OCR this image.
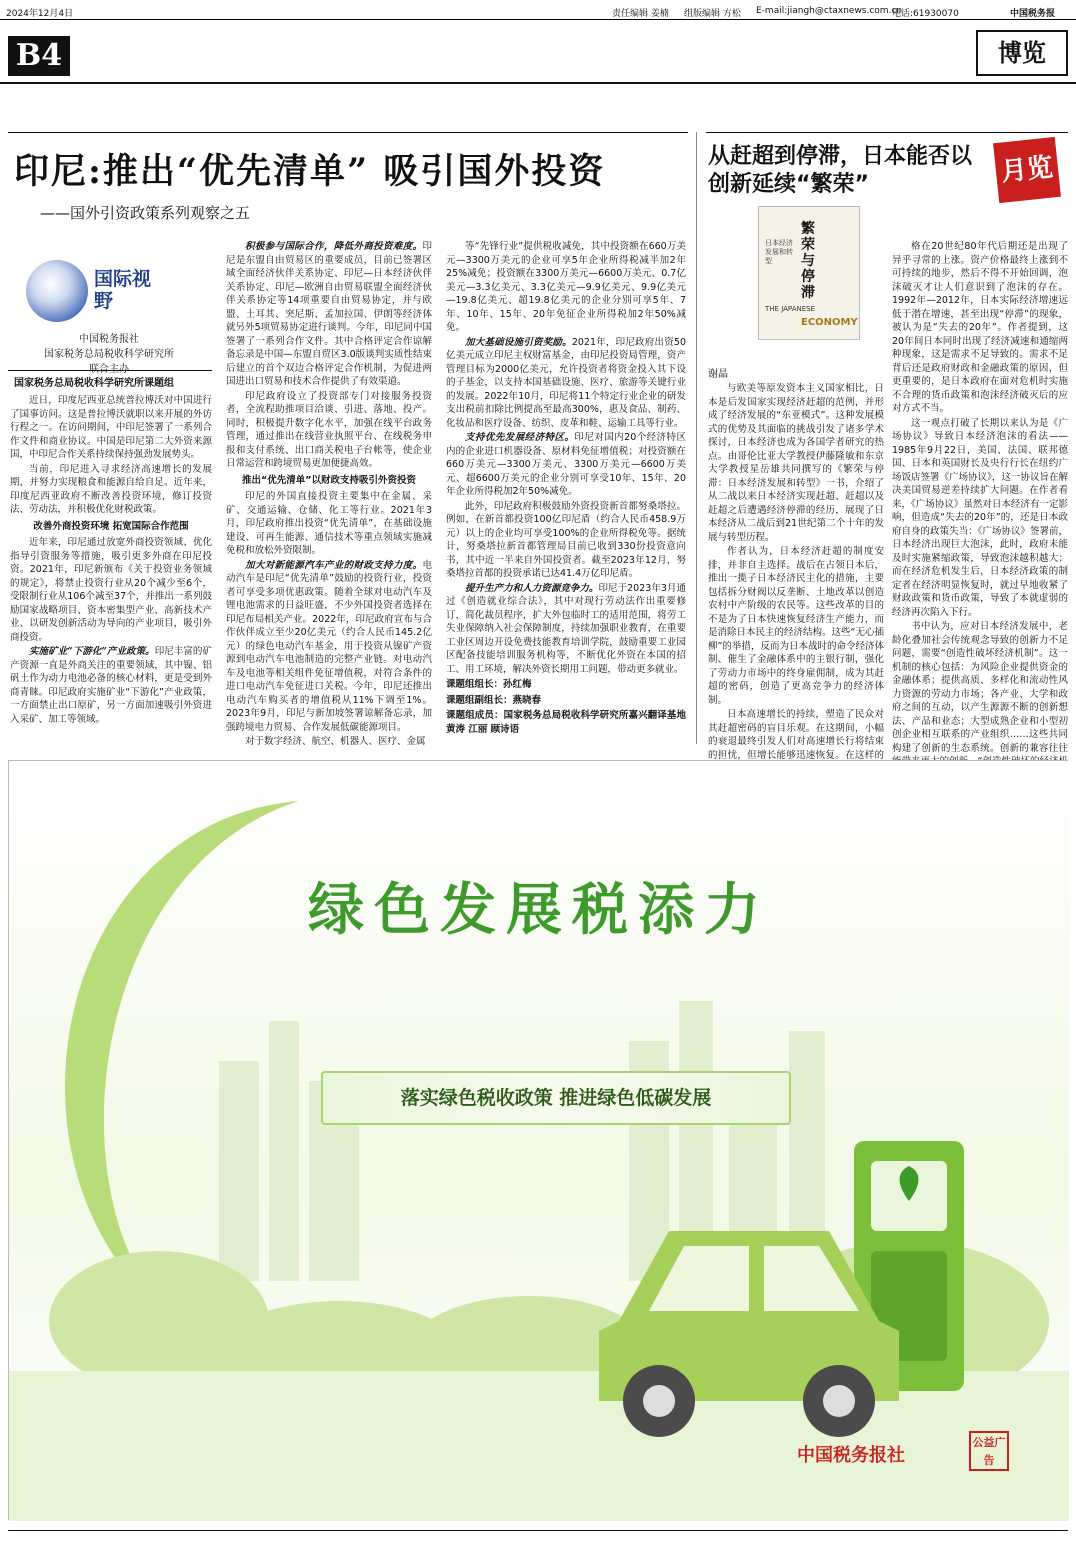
2024年12月4日	责任编辑 姜楠 组版编辑 方松 E-mail:jiangh@ctaxnews.com.cn
电话:61930070	中国税务报
B4	博览
印尼:推出“优先清单” 吸引国外投资
——国外引资政策系列观察之五
国际视野
中国税务报社
国家税务总局税收科学研究所
国家税务总局税收科学研究所课题组

近日，印度尼西亚总统普拉博沃对中国进行了国事访问。这是普拉博沃就职以来开展的外访行程之一。在访问期间，中印尼签署了一系列合作文件和商业协议。中国是印尼第二大外资来源国，中印尼合作关系持续保持强劲发展势头。

当前，印尼进入寻求经济高速增长的发展期，并努力实现粮食和能源自给自足。近年来，印度尼西亚政府不断改善投资环境，修订投资法、劳动法，并积极优化财税政策。

改善外商投资环境 拓宽国际合作范围

近年来，印尼通过放宽外商投资领域、优化指导引资服务等措施，吸引更多外商在印尼投资。2021年，印尼新颁布《关于投资业务领域的规定》，将禁止投资行业从20个减少至6个，受限制行业从106个减至37个，并推出一系列鼓励国家战略项目、资本密集型产业、高新技术产业、以研发创新活动为导向的产业项目，吸引外商投资。

实施矿业“下游化”产业政策。印尼丰富的矿产资源一直是外商关注的重要领域，其中镍、铝矾土作为动力电池必备的核心材料，更是受到外商青睐。印尼政府实施矿业“下游化”产业政策，一方面禁止出口原矿，另一方面加速吸引外资进入采矿、加工等领域。

积极参与国际合作，降低外商投资难度。印尼是东盟自由贸易区的重要成员，目前已签署区域全面经济伙伴关系协定、印尼—日本经济伙伴关系协定、印尼—欧洲自由贸易联盟全面经济伙伴关系协定等14项重要自由贸易协定，并与欧盟、土耳其、突尼斯、孟加拉国、伊朗等经济体就另外5项贸易协定进行谈判。今年，印尼同中国签署了一系列合作文件。其中合格评定合作谅解备忘录是中国—东盟自贸区3.0版谈判实质性结束后建立的首个双边合格评定合作机制，为促进两国进出口贸易和技术合作提供了有效渠道。

印尼政府设立了投资部专门对接服务投资者，全流程助推项目洽谈、引进、落地、投产。同时，积极提升数字化水平，加强在线平台政务管理，通过推出在线营业执照平台、在线税务申报和支付系统、出口商关税电子台帐等，使企业日常运营和跨境贸易更加便捷高效。

推出“优先清单”以财政支持吸引外资投资

印尼的外国直接投资主要集中在金属、采矿、交通运输、仓储、化工等行业。2021年3月，印尼政府推出投资“优先清单”，在基础设施建设、可再生能源、通信技术等重点领域实施减免税和放松外资限制。

加大对新能源汽车产业的财政支持力度。电动汽车是印尼“优先清单”鼓励的投资行业，投资者可享受多项优惠政策。随着全球对电动汽车及锂电池需求的日益旺盛，不少外国投资者选择在印尼布局相关产业。2022年，印尼政府宣布与合作伙伴成立至少20亿美元（约合人民币145.2亿元）的绿色电动汽车基金，用于投资从镍矿产资源到电动汽车电池制造的完整产业链。对电动汽车及电池等相关组件免征增值税，对符合条件的进口电动汽车免征进口关税。今年，印尼还推出电动汽车购买者的增值税从11%下调至1%。2023年9月，印尼与新加坡签署谅解备忘录，加强跨境电力贸易、合作发展低碳能源项目。

对于数字经济、航空、机器人、医疗、金属

等“先锋行业”提供税收减免，其中投资额在660万美元—3300万美元的企业可享5年企业所得税减半加2年25%减免；投资额在3300万美元—6600万美元、0.7亿美元—3.3亿美元、3.3亿美元—9.9亿美元、9.9亿美元—19.8亿美元、超19.8亿美元的企业分别可享5年、7年、10年、15年、20年免征企业所得税加2年50%减免。

加大基础设施引资奖励。2021年，印尼政府出资50亿美元成立印尼主权财富基金，由印尼投资局管理，资产管理目标为2000亿美元，允许投资者将资金投入其下设的子基金，以支持本国基础设施、医疗、旅游等关键行业的发展。2022年10月，印尼将11个特定行业企业的研发支出税前扣除比例提高至最高300%，惠及食品、制药、化妆品和医疗设备、纺织、皮革和鞋、运输工具等行业。

支持优先发展经济特区。印尼对国内20个经济特区内的企业进口机器设备、原材料免征增值税；对投资额在660万美元—3300万美元、3300万美元—6600万美元、超6600万美元的企业分别可享受10年、15年、20年企业所得税加2年50%减免。

此外，印尼政府积极鼓励外资投资新首都努桑塔拉。例如，在新首都投资100亿印尼盾（约合人民币458.9万元）以上的企业均可享受100%的企业所得税免等。据统计，努桑塔拉新首都管理局目前已收到330份投资意向书，其中近一半来自外国投资者。截至2023年12月，努桑塔拉首都的投资承诺已达41.4万亿印尼盾。

提升生产力和人力资源竞争力。印尼于2023年3月通过《创造就业综合法》，其中对现行劳动法作出重要修订，简化裁员程序，扩大外包临时工的适用范围，将劳工失业保障纳入社会保障制度，持续加强职业教育，在重要工业区周边开设免费技能教育培训学院，鼓励重要工业园区配备技能培训服务机构等，不断优化外资在本国的招工、用工环境，解决外资长期用工问题，带动更多就业。

课题组组长：孙红梅

课题组副组长：燕晓春

课题组成员：国家税务总局税收科学研究所嘉兴翻译基地 黄涛 江丽 顾诗语

从赶超到停滞，日本能否以创新延续“繁荣”	月览
日本经济发展和转型
繁荣与停滞
THE JAPANESE
ECONOMY
谢晶

与欧美等原发资本主义国家相比，日本是后发国家实现经济赶超的范例，并形成了经济发展的“东亚模式”。这种发展模式的优势及其面临的挑战引发了诸多学术探讨，日本经济也成为各国学者研究的热点。由哥伦比亚大学教授伊藤隆敏和东京大学教授星岳雄共同撰写的《繁荣与停滞：日本经济发展和转型》一书，介绍了从二战以来日本经济实现赶超、赶超以及赶超之后遭遇经济停滞的经历，展现了日本经济从二战后到21世纪第二个十年的发展与转型历程。

作者认为，日本经济赶超的制度安排，并非自主选择。战后在占领日本后，推出一揽子日本经济民主化的措施，主要包括拆分财阀以反垄断、土地改革以创造农村中产阶级的农民等。这些改革的目的不是为了日本快速恢复经济生产能力，而是消除日本民主的经济结构。这些“无心插柳”的举措，反而为日本战时的命令经济体制、催生了金融体系中的主银行制，强化了劳动力市场中的终身雇佣制，成为其赶超的密码，创造了更高竞争力的经济体制。

日本高速增长的持续，塑造了民众对其赶超密码的盲目乐观。在这期间，小幅的衰退最终引发人们对高速增长行将结束的担忧，但增长能够迅速恢复。在这样的

格在20世纪80年代后期还是出现了异乎寻常的上涨。资产价格最终上涨到不可持续的地步，然后不得不开始回调，泡沫破灭才让人们意识到了泡沫的存在。1992年—2012年，日本实际经济增速远低于潜在增速，甚至出现“停滞”的现象，被认为是“失去的20年”。作者提到，这20年间日本同时出现了经济减速和通缩两种现象，这是需求不足导致的。需求不足背后还是政府财政和金融政策的原因，但更重要的，是日本政府在面对危机时实施不合理的货币政策和泡沫经济破灭后的应对方式不当。

这一观点打破了长期以来认为是《广场协议》导致日本经济泡沫的看法——1985年9月22日，美国、法国、联邦德国、日本和英国财长及央行行长在纽约广场饭店签署《广场协议》，这一协议旨在解决美国贸易逆差持续扩大问题。在作者看来，《广场协议》虽然对日本经济有一定影响，但造成“失去的20年”的，还是日本政府自身的政策失当：《广场协议》签署前，日本经济出现巨大泡沫，此时，政府未能及时实施紧缩政策，导致泡沫越积越大；而在经济危机发生后，日本经济政策的制定者在经济明显恢复时，就过早地收紧了财政政策和货币政策，导致了本就虚弱的经济再次陷入下行。

书中认为，应对日本经济发展中，老龄化叠加社会传统观念导致的创新力不足问题，需要“创造性破坏经济机制”。这一机制的核心包括：为风险企业提供资金的金融体系；提供高质、多样化和流动性风力资源的劳动力市场；各产业、大学和政府之间的互动，以产生源源不断的创新想法、产品和业态；大型成熟企业和小型初创企业相互联系的产业组织……这些共同构建了创新的生态系统。创新的兼容往往

绿色发展税添力
落实绿色税收政策 推进绿色低碳发展
中国税务报社
公益广告
